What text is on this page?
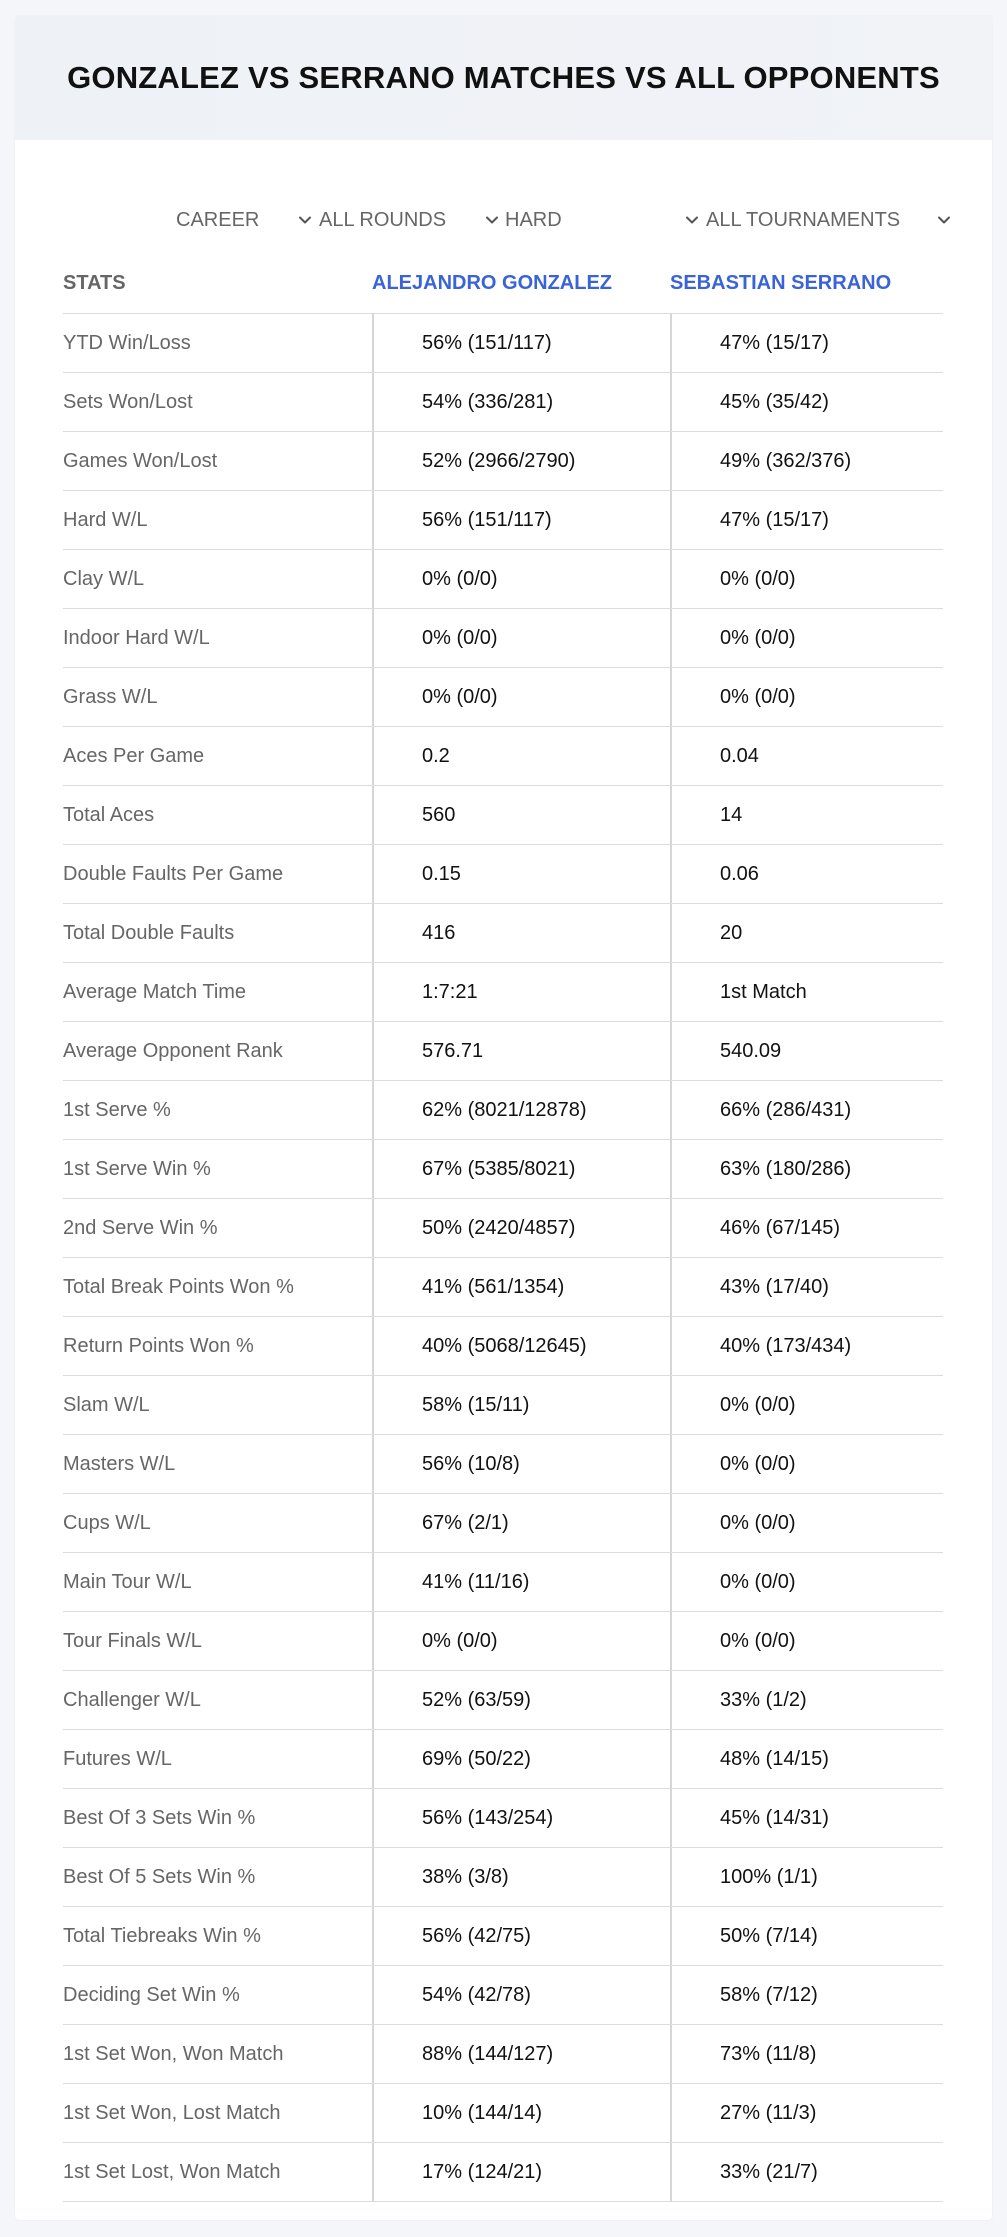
GONZALEZ VS SERRANO MATCHES VS ALL OPPONENTS
CAREER	ALL ROUNDS	HARD	ALL TOURNAMENTS
STATS	ALEJANDRO GONZALEZ	SEBASTIAN SERRANO
YTD Win/Loss	56% (151/117)	47% (15/17)
Sets Won/Lost	54% (336/281)	45% (35/42)
Games Won/Lost	52% (2966/2790)	49% (362/376)
Hard W/L	56% (151/117)	47% (15/17)
Clay W/L	0% (0/0)	0% (0/0)
Indoor Hard W/L	0% (0/0)	0% (0/0)
Grass W/L	0% (0/0)	0% (0/0)
Aces Per Game	0.2	0.04
Total Aces	560	14
Double Faults Per Game	0.15	0.06
Total Double Faults	416	20
Average Match Time	1:7:21	1st Match
Average Opponent Rank	576.71	540.09
1st Serve %	62% (8021/12878)	66% (286/431)
1st Serve Win %	67% (5385/8021)	63% (180/286)
2nd Serve Win %	50% (2420/4857)	46% (67/145)
Total Break Points Won %	41% (561/1354)	43% (17/40)
Return Points Won %	40% (5068/12645)	40% (173/434)
Slam W/L	58% (15/11)	0% (0/0)
Masters W/L	56% (10/8)	0% (0/0)
Cups W/L	67% (2/1)	0% (0/0)
Main Tour W/L	41% (11/16)	0% (0/0)
Tour Finals W/L	0% (0/0)	0% (0/0)
Challenger W/L	52% (63/59)	33% (1/2)
Futures W/L	69% (50/22)	48% (14/15)
Best Of 3 Sets Win %	56% (143/254)	45% (14/31)
Best Of 5 Sets Win %	38% (3/8)	100% (1/1)
Total Tiebreaks Win %	56% (42/75)	50% (7/14)
Deciding Set Win %	54% (42/78)	58% (7/12)
1st Set Won, Won Match	88% (144/127)	73% (11/8)
1st Set Won, Lost Match	10% (144/14)	27% (11/3)
1st Set Lost, Won Match	17% (124/21)	33% (21/7)
